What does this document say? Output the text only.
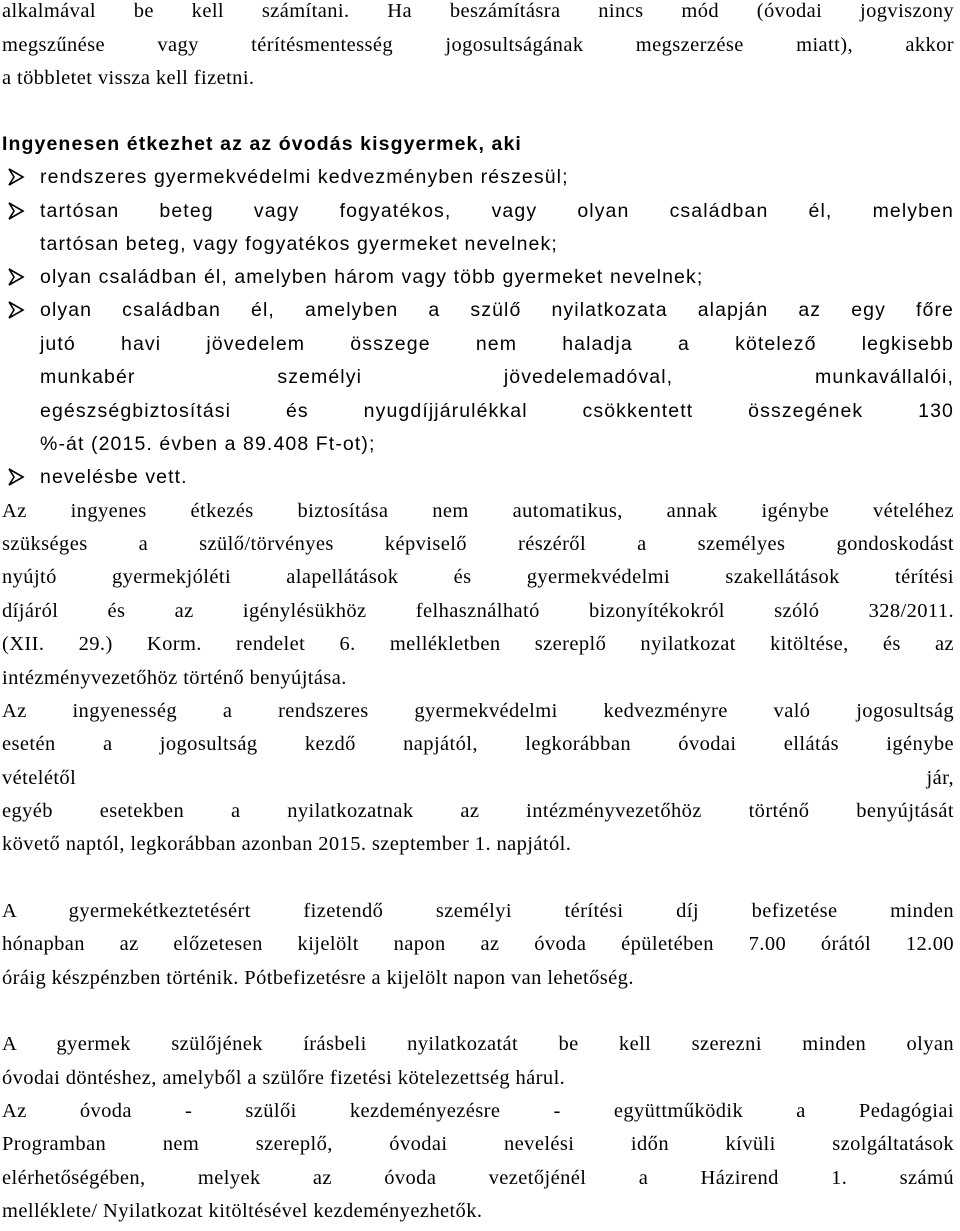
alkalmával be kell számítani. Ha beszámításra nincs mód (óvodai jogviszony
megszűnése vagy térítésmentesség jogosultságának megszerzése miatt), akkor
a többletet vissza kell fizetni.
Ingyenesen étkezhet az az óvodás kisgyermek, aki
rendszeres gyermekvédelmi kedvezményben részesül;
tartósan beteg vagy fogyatékos, vagy olyan családban él, melyben
tartósan beteg, vagy fogyatékos gyermeket nevelnek;
olyan családban él, amelyben három vagy több gyermeket nevelnek;
olyan családban él, amelyben a szülő nyilatkozata alapján az egy főre
jutó havi jövedelem összege nem haladja a kötelező legkisebb
munkabér személyi jövedelemadóval, munkavállalói,
egészségbiztosítási és nyugdíjjárulékkal csökkentett összegének 130
%-át (2015. évben a 89.408 Ft-ot);
nevelésbe vett.
Az ingyenes étkezés biztosítása nem automatikus, annak igénybe vételéhez
szükséges a szülő/törvényes képviselő részéről a személyes gondoskodást
nyújtó gyermekjóléti alapellátások és gyermekvédelmi szakellátások térítési
díjáról és az igénylésükhöz felhasználható bizonyítékokról szóló 328/2011.
(XII. 29.) Korm. rendelet 6. mellékletben szereplő nyilatkozat kitöltése, és az
intézményvezetőhöz történő benyújtása.
Az ingyenesség a rendszeres gyermekvédelmi kedvezményre való jogosultság
esetén a jogosultság kezdő napjától, legkorábban óvodai ellátás igénybe
vételétől	jár,
egyéb esetekben a nyilatkozatnak az intézményvezetőhöz történő benyújtását
követő naptól, legkorábban azonban 2015. szeptember 1. napjától.
A gyermekétkeztetésért fizetendő személyi térítési díj befizetése minden
hónapban az előzetesen kijelölt napon az óvoda épületében 7.00 órától 12.00
óráig készpénzben történik. Pótbefizetésre a kijelölt napon van lehetőség.
A gyermek szülőjének írásbeli nyilatkozatát be kell szerezni minden olyan
óvodai döntéshez, amelyből a szülőre fizetési kötelezettség hárul.
Az óvoda - szülői kezdeményezésre - együttműködik a Pedagógiai
Programban nem szereplő, óvodai nevelési időn kívüli szolgáltatások
elérhetőségében, melyek az óvoda vezetőjénél a Házirend 1. számú
melléklete/ Nyilatkozat kitöltésével kezdeményezhetők.
